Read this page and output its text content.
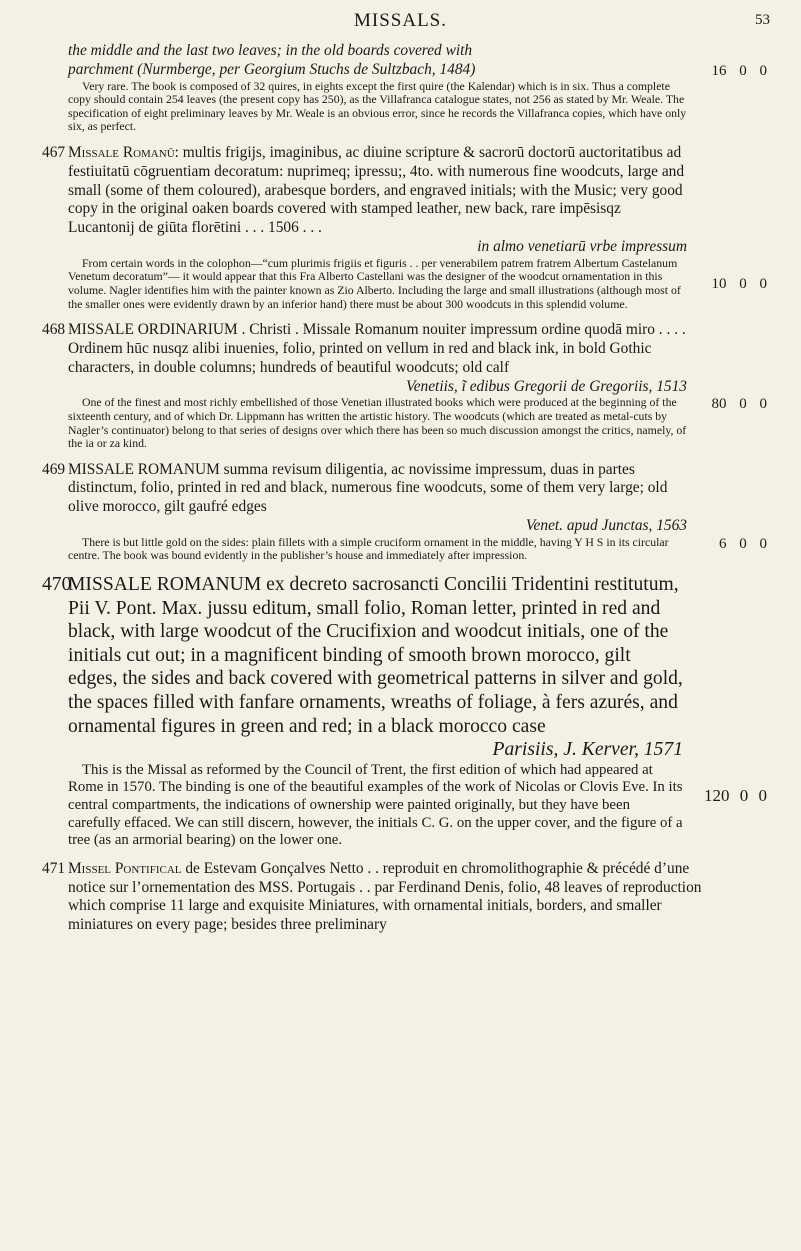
MISSALS.	53

the middle and the last two leaves; in the old boards covered with
parchment (Nurmberge, per Georgium Stuchs de Sultzbach, 1484)	16 0 0

Very rare. The book is composed of 32 quires, in eights except the first quire (the Kalendar) which is in six. Thus a complete copy should contain 254 leaves (the present copy has 250), as the Villafranca catalogue states, not 256 as stated by Mr. Weale. The specification of eight preliminary leaves by Mr. Weale is an obvious error, since he records the Villafranca copies, which have only six, as perfect.

467 Missale Romanū: multis frigijs, imaginibus, ac diuine scripture & sacrorū doctorū auctoritatibus ad festiuitatū cōgruentiam decoratum: nuprimeq; ipressu;, 4to. with numerous fine woodcuts, large and small (some of them coloured), arabesque borders, and engraved initials; with the Music; very good copy in the original oaken boards covered with stamped leather, new back, rare impēsisqz Lucantonij de giūta florētini . . . 1506 . . .
in almo venetiarū vrbe impressum

10 0 0

From certain words in the colophon—“cum plurimis frigiis et figuris . . per venerabilem patrem fratrem Albertum Castelanum Venetum decoratum”— it would appear that this Fra Alberto Castellani was the designer of the woodcut ornamentation in this volume. Nagler identifies him with the painter known as Zio Alberto. Including the large and small illustrations (although most of the smaller ones were evidently drawn by an inferior hand) there must be about 300 woodcuts in this splendid volume.

468 MISSALE ORDINARIUM . Christi . Missale Romanum nouiter impressum ordine quodā miro . . . . Ordinem hūc nusqz alibi inuenies, folio, printed on vellum in red and black ink, in bold Gothic characters, in double columns; hundreds of beautiful woodcuts; old calf
Venetiis, ĩ edibus Gregorii de Gregoriis, 1513

80 0 0

One of the finest and most richly embellished of those Venetian illustrated books which were produced at the beginning of the sixteenth century, and of which Dr. Lippmann has written the artistic history. The woodcuts (which are treated as metal-cuts by Nagler’s continuator) belong to that series of designs over which there has been so much discussion amongst the critics, namely, of the ia or za kind.

469 MISSALE ROMANUM summa revisum diligentia, ac novissime impressum, duas in partes distinctum, folio, printed in red and black, numerous fine woodcuts, some of them very large; old olive morocco, gilt gaufré edges
Venet. apud Junctas, 1563

6 0 0

There is but little gold on the sides: plain fillets with a simple cruciform ornament in the middle, having Y H S in its circular centre. The book was bound evidently in the publisher’s house and immediately after impression.

470MISSALE ROMANUM ex decreto sacrosancti Concilii Tridentini restitutum, Pii V. Pont. Max. jussu editum, small folio, Roman letter, printed in red and black, with large woodcut of the Crucifixion and woodcut initials, one of the initials cut out; in a magnificent binding of smooth brown morocco, gilt edges, the sides and back covered with geometrical patterns in silver and gold, the spaces filled with fanfare ornaments, wreaths of foliage, à fers azurés, and ornamental figures in green and red; in a black morocco case
Parisiis, J. Kerver, 1571

120 0 0

This is the Missal as reformed by the Council of Trent, the first edition of which had appeared at Rome in 1570. The binding is one of the beautiful examples of the work of Nicolas or Clovis Eve. In its central compartments, the indications of ownership were painted originally, but they have been carefully effaced. We can still discern, however, the initials C. G. on the upper cover, and the figure of a tree (as an armorial bearing) on the lower one.

471 Missel Pontifical de Estevam Gonçalves Netto . . reproduit en chromolithographie & précédé d’une notice sur l’ornementation des MSS. Portugais . . par Ferdinand Denis, folio, 48 leaves of reproduction which comprise 11 large and exquisite Miniatures, with ornamental initials, borders, and smaller miniatures on every page; besides three preliminary
